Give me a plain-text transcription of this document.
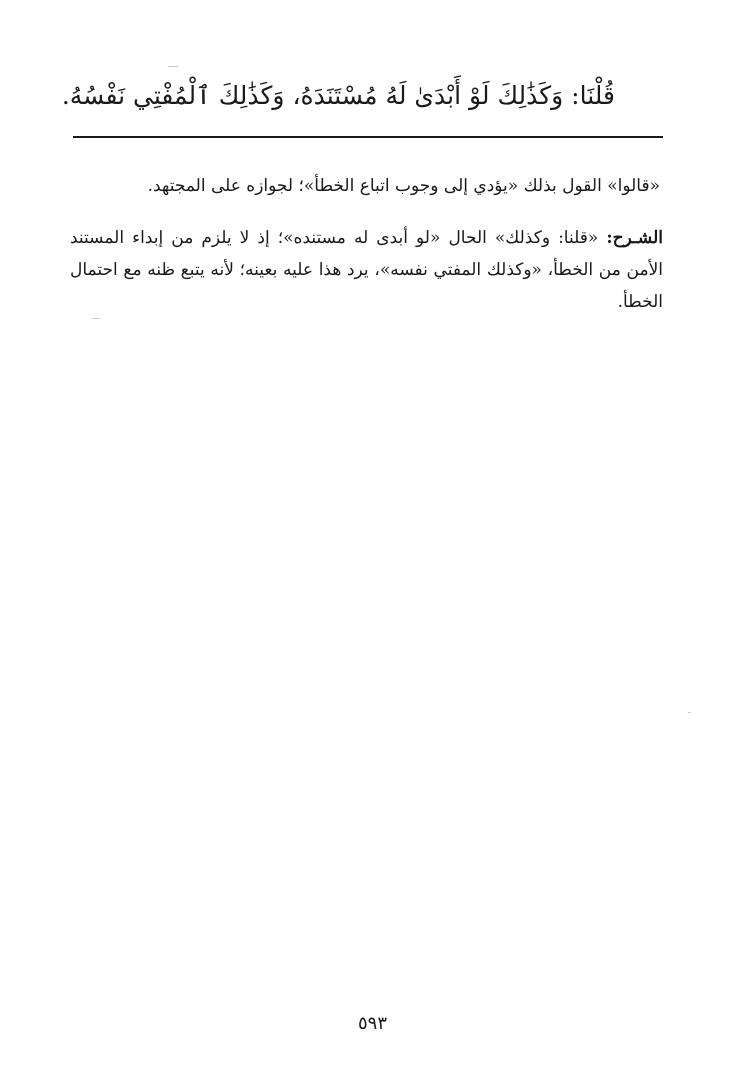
قُلْنَا: وَكَذَٰلِكَ لَوْ أَبْدَىٰ لَهُ مُسْتَنَدَهُ، وَكَذَٰلِكَ ٱلْمُفْتِي نَفْسُهُ.
«قالوا» القول بذلك «يؤدي إلى وجوب اتباع الخطأ»؛ لجوازه على المجتهد.
الشـرح: «قلنا: وكذلك» الحال «لو أبدى له مستنده»؛ إذ لا يلزم من إبداء المستند الأمن من الخطأ، «وكذلك المفتي نفسه»، يرد هذا عليه بعينه؛ لأنه يتبع ظنه مع احتمال الخطأ.
٥٩٣
